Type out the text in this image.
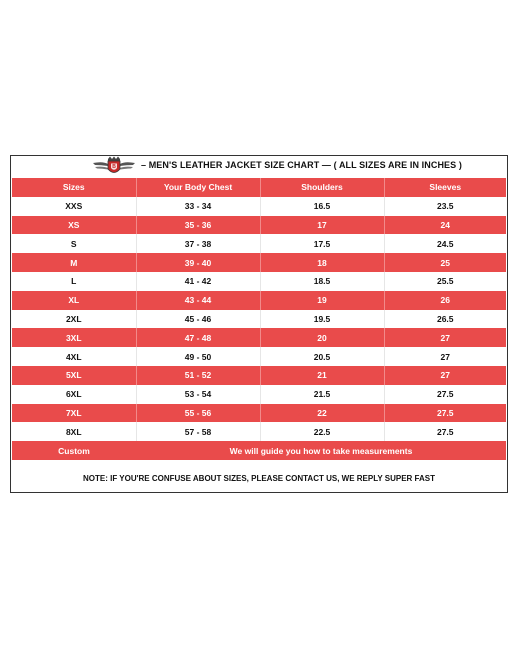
B	– MEN'S LEATHER JACKET SIZE CHART — ( ALL SIZES ARE IN INCHES )
Sizes	Your Body Chest	Shoulders	Sleeves
XXS	33 - 34	16.5	23.5
XS	35 - 36	17	24
S	37 - 38	17.5	24.5
M	39 - 40	18	25
L	41 - 42	18.5	25.5
XL	43 - 44	19	26
2XL	45 - 46	19.5	26.5
3XL	47 - 48	20	27
4XL	49 - 50	20.5	27
5XL	51 - 52	21	27
6XL	53 - 54	21.5	27.5
7XL	55 - 56	22	27.5
8XL	57 - 58	22.5	27.5
Custom	We will guide you how to take measurements		
NOTE: IF YOU'RE CONFUSE ABOUT SIZES, PLEASE CONTACT US, WE REPLY SUPER FAST
